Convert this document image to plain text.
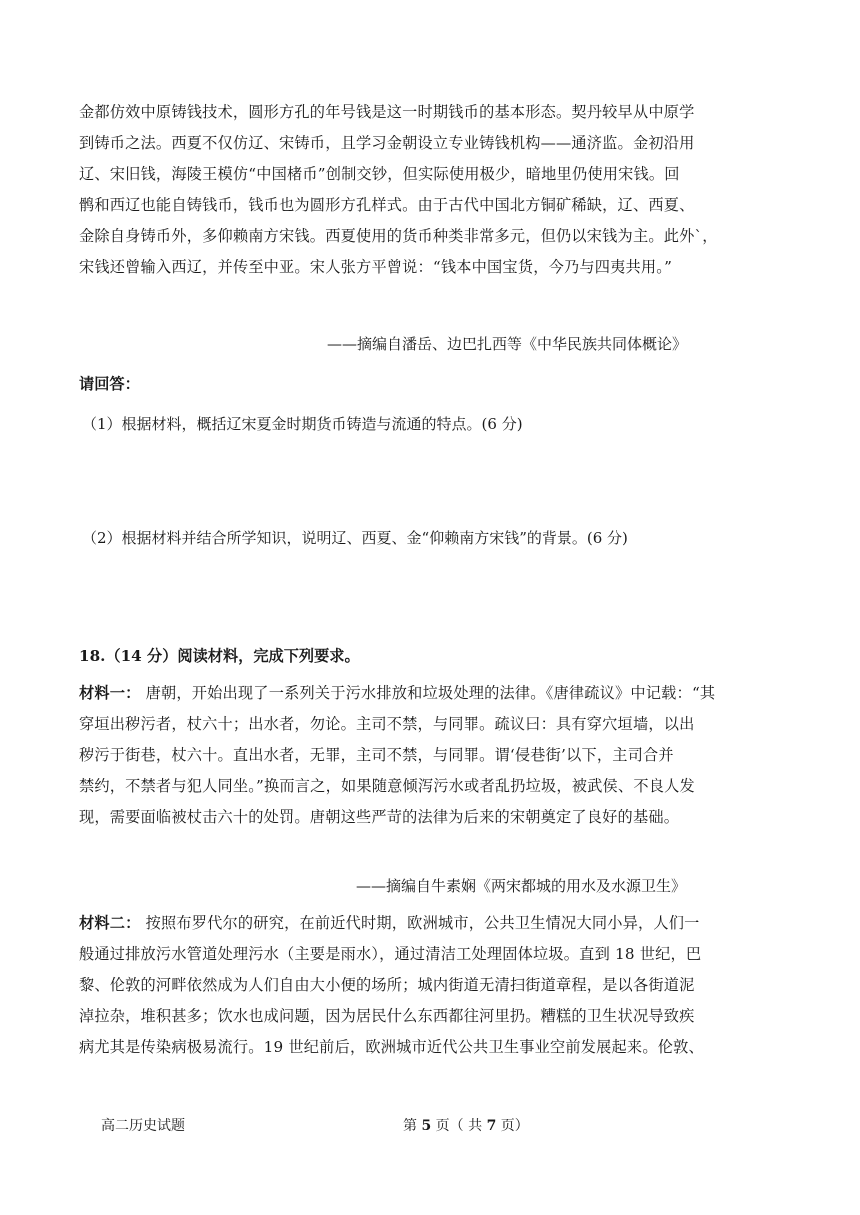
金都仿效中原铸钱技术，圆形方孔的年号钱是这一时期钱币的基本形态。契丹较早从中原学
到铸币之法。西夏不仅仿辽、宋铸币，且学习金朝设立专业铸钱机构——通济监。金初沿用
辽、宋旧钱，海陵王模仿“中国楮币”创制交钞，但实际使用极少，暗地里仍使用宋钱。回
鹘和西辽也能自铸钱币，钱币也为圆形方孔样式。由于古代中国北方铜矿稀缺，辽、西夏、
金除自身铸币外，多仰赖南方宋钱。西夏使用的货币种类非常多元，但仍以宋钱为主。此外`，
宋钱还曾输入西辽，并传至中亚。宋人张方平曾说：“钱本中国宝货，今乃与四夷共用。”
——摘编自潘岳、边巴扎西等《中华民族共同体概论》
请回答：
（1）根据材料，概括辽宋夏金时期货币铸造与流通的特点。(6 分)
（2）根据材料并结合所学知识，说明辽、西夏、金“仰赖南方宋钱”的背景。(6 分)
18.（14 分）阅读材料，完成下列要求。
材料一： 唐朝，开始出现了一系列关于污水排放和垃圾处理的法律。《唐律疏议》中记载：“其
穿垣出秽污者，杖六十；出水者，勿论。主司不禁，与同罪。疏议曰：具有穿穴垣墙，以出
秽污于街巷，杖六十。直出水者，无罪，主司不禁，与同罪。谓‘侵巷街’以下，主司合并
禁约，不禁者与犯人同坐。”换而言之，如果随意倾泻污水或者乱扔垃圾，被武侯、不良人发
现，需要面临被杖击六十的处罚。唐朝这些严苛的法律为后来的宋朝奠定了良好的基础。
——摘编自牛素娴《两宋都城的用水及水源卫生》
材料二： 按照布罗代尔的研究，在前近代时期，欧洲城市，公共卫生情况大同小异，人们一
般通过排放污水管道处理污水（主要是雨水），通过清洁工处理固体垃圾。直到 18 世纪，巴
黎、伦敦的河畔依然成为人们自由大小便的场所；城内街道无清扫街道章程，是以各街道泥
淖拉杂，堆积甚多；饮水也成问题，因为居民什么东西都往河里扔。糟糕的卫生状况导致疾
病尤其是传染病极易流行。19 世纪前后，欧洲城市近代公共卫生事业空前发展起来。伦敦、
高二历史试题	第 5 页（ 共 7 页）
